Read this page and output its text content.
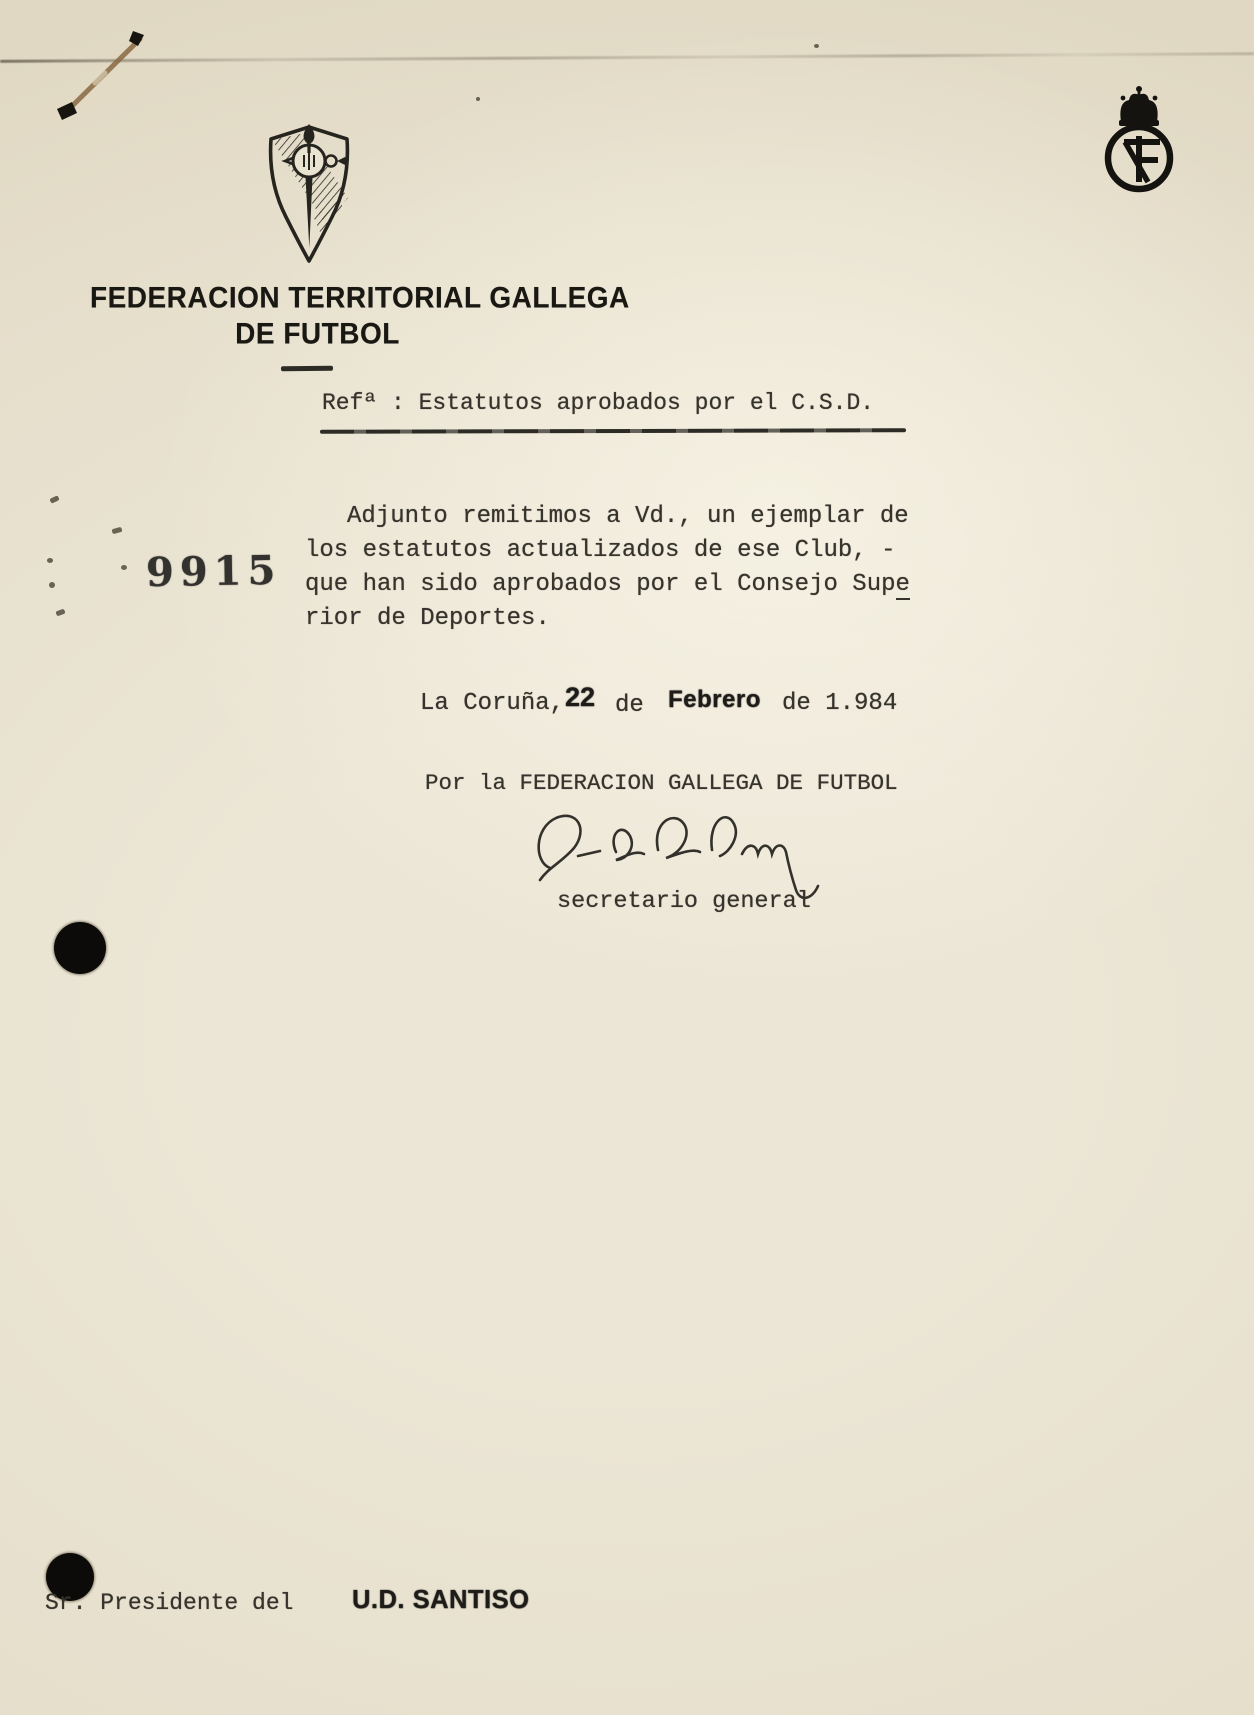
FEDERACION TERRITORIAL GALLEGA
DE FUTBOL
Refª : Estatutos aprobados por el C.S.D.
9915
Adjunto remitimos a Vd., un ejemplar de
los estatutos actualizados de ese Club, -
que han sido aprobados por el Consejo Supe
rior de Deportes.
La Coruña, 22 de Febrero de 1.984
Por la FEDERACION GALLEGA DE FUTBOL
secretario general
Sr. Presidente del U.D. SANTISO
